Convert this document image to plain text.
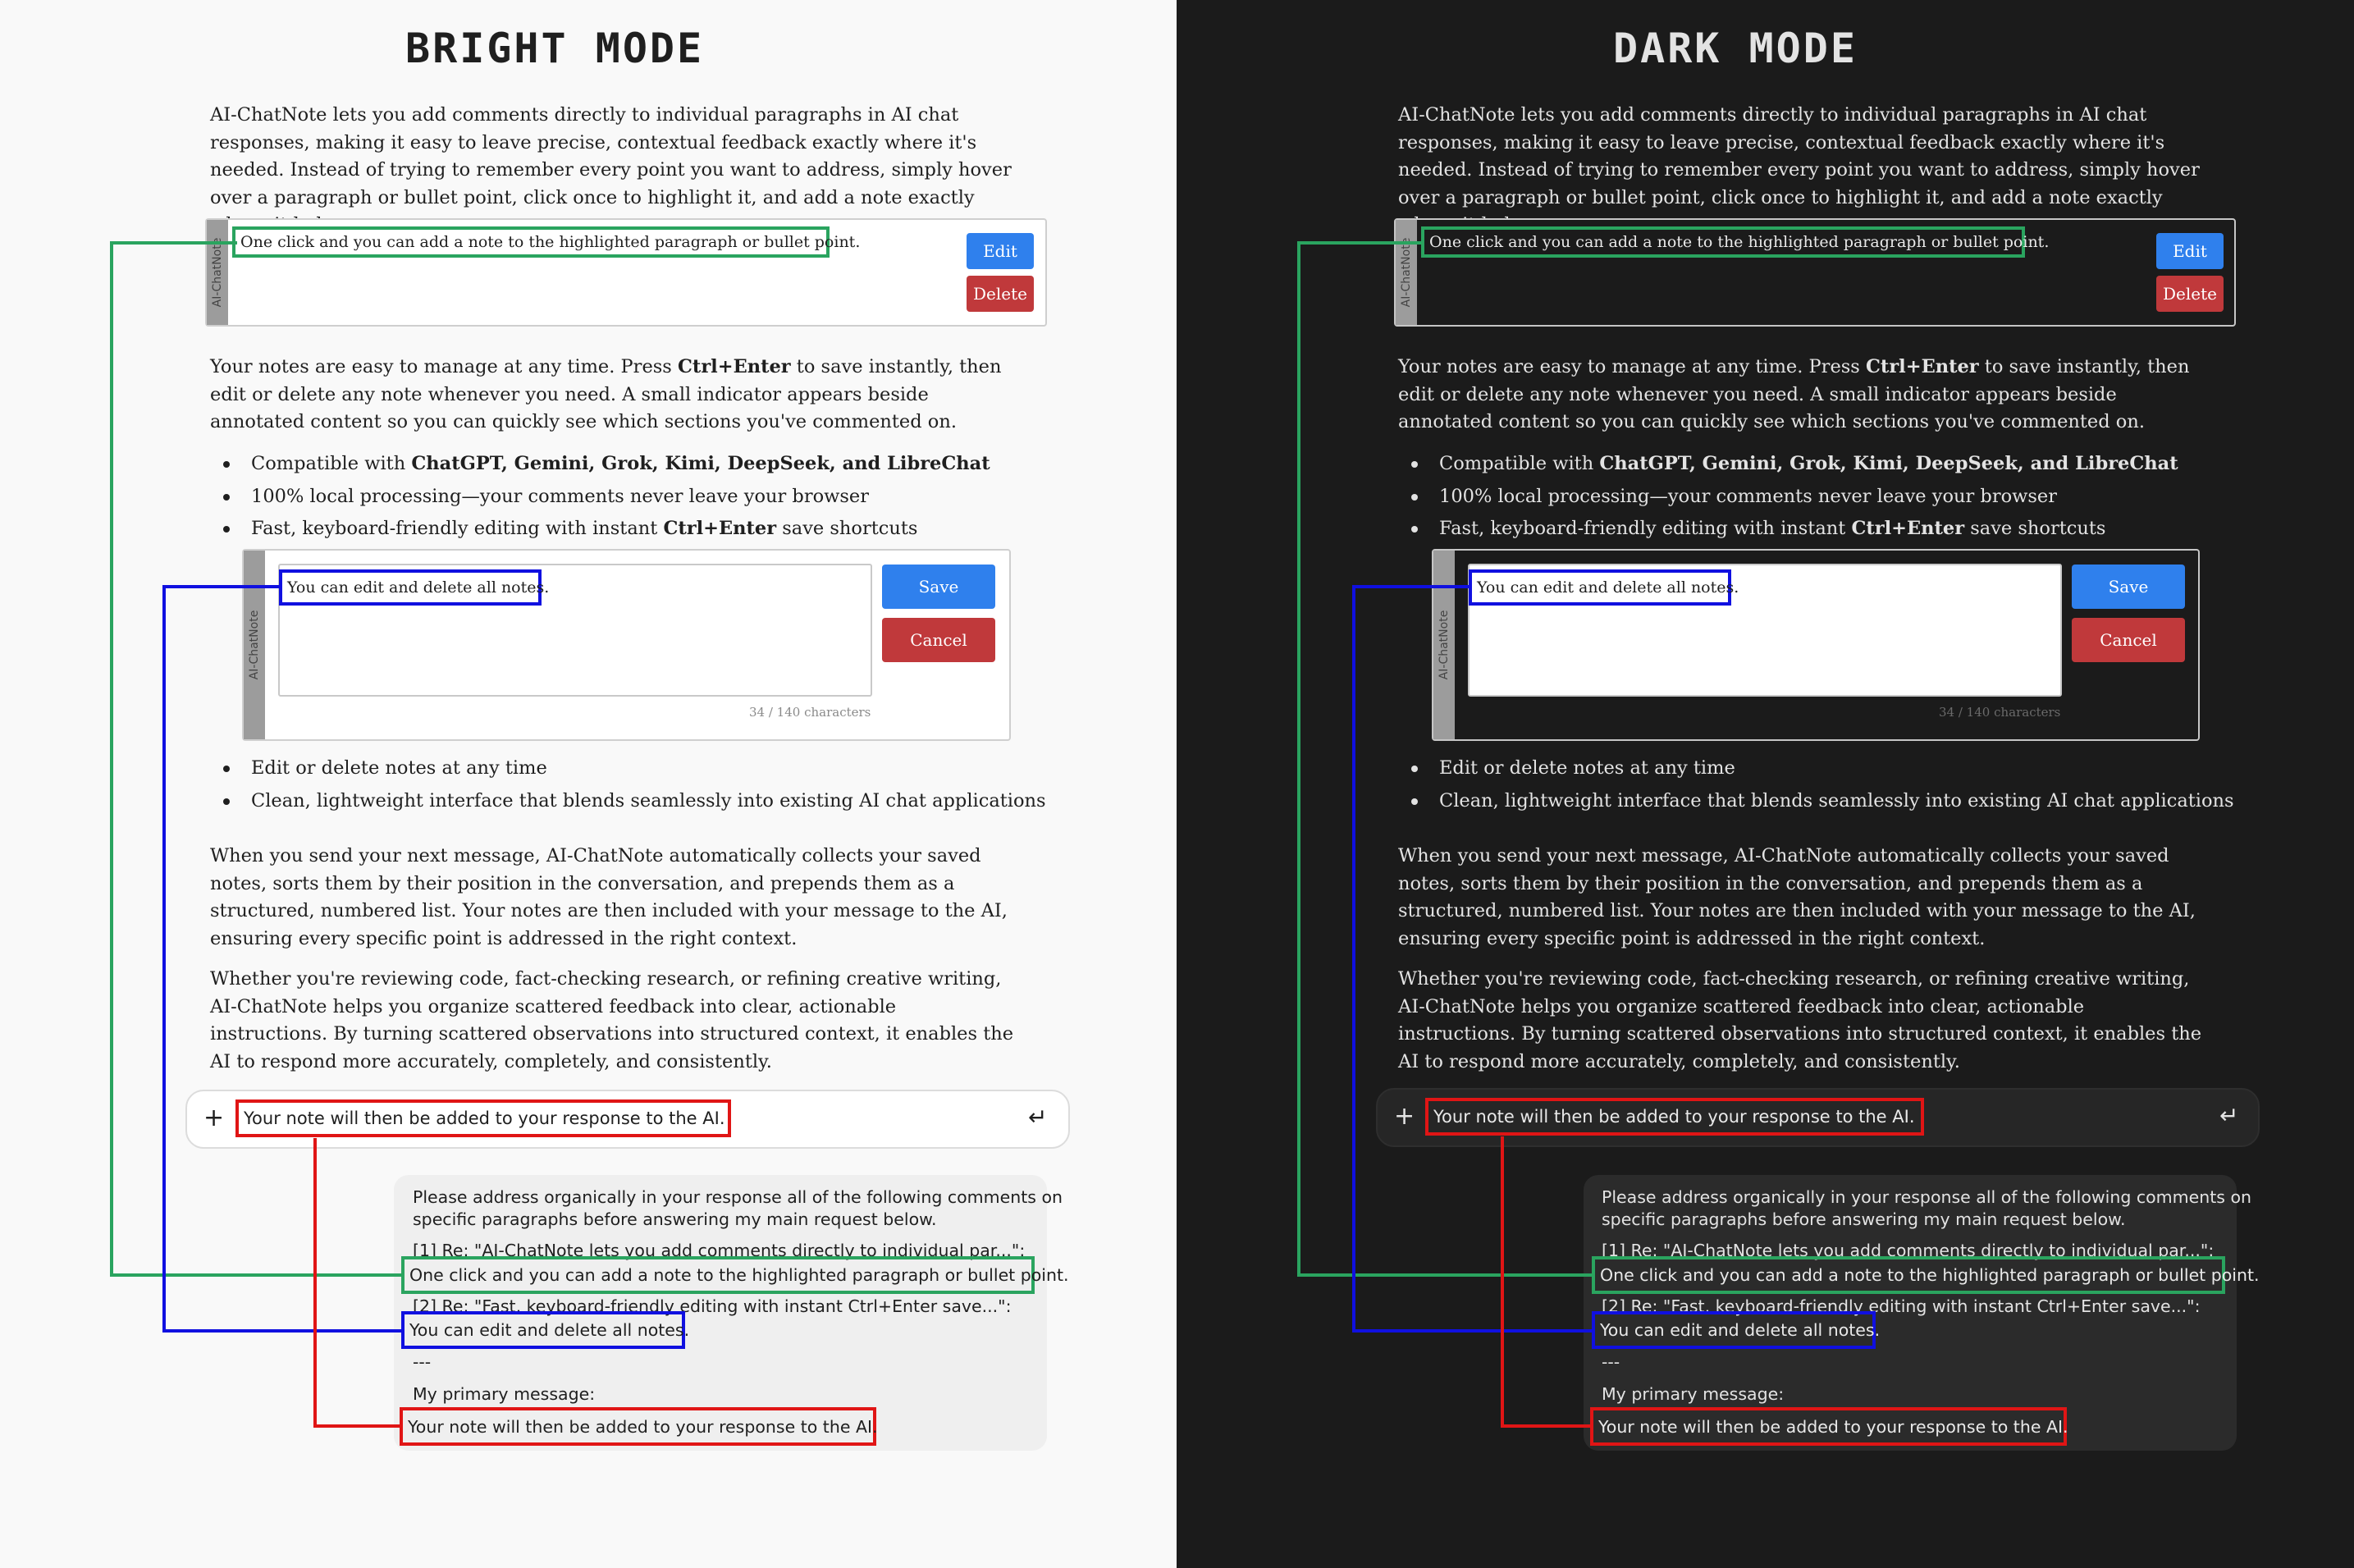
BRIGHT MODE

AI-ChatNote lets you add comments directly to individual paragraphs in AI chat responses, making it easy to leave precise, contextual feedback exactly where it's needed. Instead of trying to remember every point you want to address, simply hover over a paragraph or bullet point, click once to highlight it, and add a note exactly

AI-ChatNote One click and you can add a note to the highlighted paragraph or bullet point.	Edit
Delete

Your notes are easy to manage at any time. Press Ctrl+Enter to save instantly, then edit or delete any note whenever you need. A small indicator appears beside annotated content so you can quickly see which sections you've commented on.

Compatible with ChatGPT, Gemini, Grok, Kimi, DeepSeek, and LibreChat
100% local processing—your comments never leave your browser
Fast, keyboard-friendly editing with instant Ctrl+Enter save shortcuts
AI-ChatNote
You can edit and delete all notes.
34 / 140 characters
Save
Cancel
Edit or delete notes at any time
Clean, lightweight interface that blends seamlessly into existing AI chat applications

When you send your next message, AI-ChatNote automatically collects your saved notes, sorts them by their position in the conversation, and prepends them as a structured, numbered list. Your notes are then included with your message to the AI, ensuring every specific point is addressed in the right context.

Whether you're reviewing code, fact-checking research, or refining creative writing, AI-ChatNote helps you organize scattered feedback into clear, actionable instructions. By turning scattered observations into structured context, it enables the AI to respond more accurately, completely, and consistently.

+ Your note will then be added to your response to the AI.	↵
Please address organically in your response all of the following comments on
specific paragraphs before answering my main request below.
[1] Re: "AI-ChatNote lets you add comments directly to individual par...":
One click and you can add a note to the highlighted paragraph or bullet point.
[2] Re: "Fast, keyboard-friendly editing with instant Ctrl+Enter save...":
You can edit and delete all notes.
---
My primary message:
Your note will then be added to your response to the AI.
DARK MODE

AI-ChatNote lets you add comments directly to individual paragraphs in AI chat responses, making it easy to leave precise, contextual feedback exactly where it's needed. Instead of trying to remember every point you want to address, simply hover over a paragraph or bullet point, click once to highlight it, and add a note exactly

AI-ChatNote One click and you can add a note to the highlighted paragraph or bullet point.	Edit
Delete

Your notes are easy to manage at any time. Press Ctrl+Enter to save instantly, then edit or delete any note whenever you need. A small indicator appears beside annotated content so you can quickly see which sections you've commented on.

Compatible with ChatGPT, Gemini, Grok, Kimi, DeepSeek, and LibreChat
100% local processing—your comments never leave your browser
Fast, keyboard-friendly editing with instant Ctrl+Enter save shortcuts
AI-ChatNote
You can edit and delete all notes.
34 / 140 characters
Save
Cancel
Edit or delete notes at any time
Clean, lightweight interface that blends seamlessly into existing AI chat applications

When you send your next message, AI-ChatNote automatically collects your saved notes, sorts them by their position in the conversation, and prepends them as a structured, numbered list. Your notes are then included with your message to the AI, ensuring every specific point is addressed in the right context.

Whether you're reviewing code, fact-checking research, or refining creative writing, AI-ChatNote helps you organize scattered feedback into clear, actionable instructions. By turning scattered observations into structured context, it enables the AI to respond more accurately, completely, and consistently.

+ Your note will then be added to your response to the AI.	↵
Please address organically in your response all of the following comments on
specific paragraphs before answering my main request below.
[1] Re: "AI-ChatNote lets you add comments directly to individual par...":
One click and you can add a note to the highlighted paragraph or bullet point.
[2] Re: "Fast, keyboard-friendly editing with instant Ctrl+Enter save...":
You can edit and delete all notes.
---
My primary message:
Your note will then be added to your response to the AI.
